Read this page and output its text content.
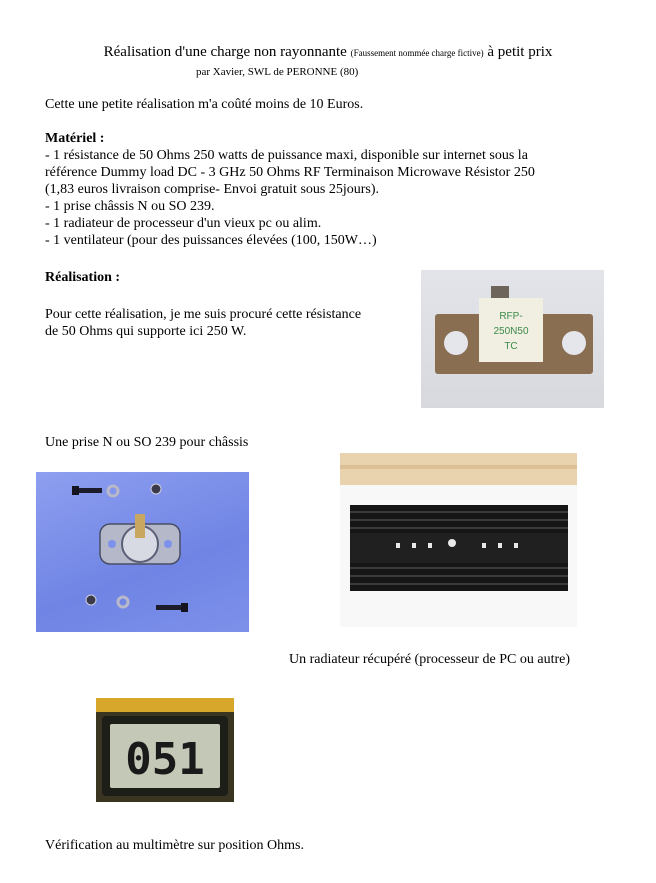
Réalisation d'une charge non rayonnante (Faussement nommée charge fictive) à petit prix
par Xavier, SWL de PERONNE (80)
Cette une petite réalisation m'a coûté moins de 10 Euros.
Matériel :
- 1 résistance de 50 Ohms 250 watts de puissance maxi, disponible sur internet sous la
référence Dummy load DC - 3 GHz 50 Ohms RF Terminaison Microwave Résistor 250
(1,83 euros livraison comprise- Envoi gratuit sous 25jours).
- 1 prise châssis N ou SO 239.
- 1 radiateur de processeur d'un vieux pc ou alim.
- 1 ventilateur (pour des puissances élevées (100, 150W…)
Réalisation :
Pour cette réalisation, je me suis procuré cette résistance
de 50 Ohms qui supporte ici 250 W.
RFP-
250N50
TC
Une prise N ou SO 239 pour châssis
Un radiateur récupéré (processeur de PC ou autre)
051
Vérification au multimètre sur position Ohms.
